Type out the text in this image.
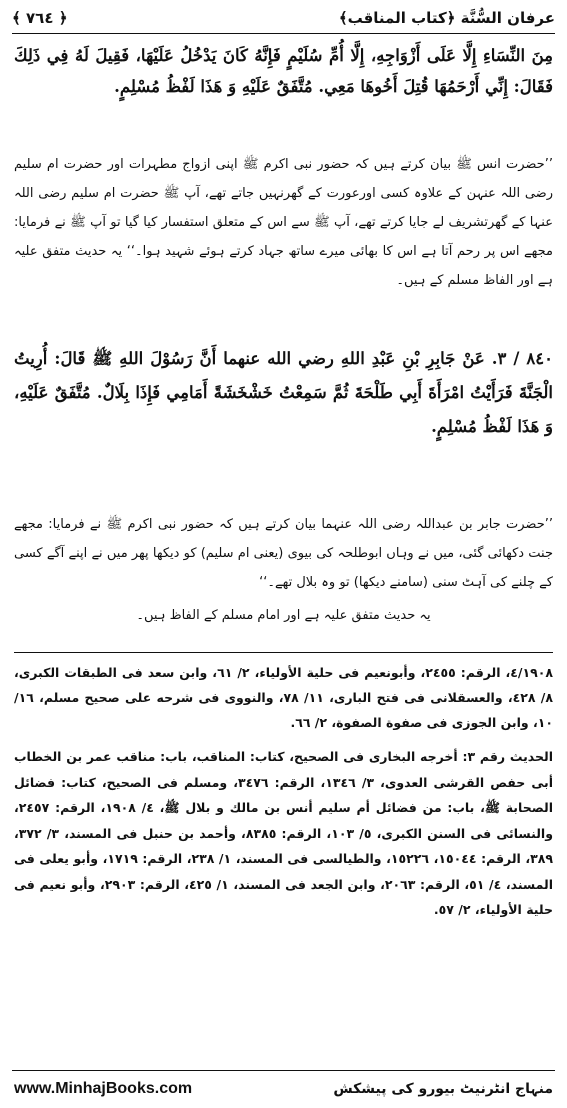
﴿ ۷٦٤ ﴾	عرفان السُّنَّة ﴿کتاب المناقب﴾
مِنَ النِّسَاءِ إِلَّا عَلَى أَزْوَاجِهِ، إِلَّا أُمِّ سُلَيْمٍ فَإِنَّهُ كَانَ يَدْخُلُ عَلَيْهَا، فَقِيلَ لَهُ فِي ذَلِكَ فَقَالَ: إِنِّي أَرْحَمُهَا قُتِلَ أَخُوهَا مَعِي. مُتَّفَقٌ عَلَيْهِ وَ هَذَا لَفْظُ مُسْلِمٍ.
’’حضرت انس ﷺ بیان کرتے ہیں کہ حضور نبی اکرم ﷺ اپنی ازواج مطہرات اور حضرت ام سلیم رضی اللہ عنہن کے علاوہ کسی اورعورت کے گھرنہیں جاتے تھے، آپ ﷺ حضرت ام سلیم رضی اللہ عنہا کے گھرتشریف لے جایا کرتے تھے، آپ ﷺ سے اس کے متعلق استفسار کیا گیا تو آپ ﷺ نے فرمایا: مجھے اس پر رحم آتا ہے اس کا بھائی میرے ساتھ جہاد کرتے ہوئے شہید ہوا۔‘‘ یہ حدیث متفق علیہ ہے اور الفاظ مسلم کے ہیں۔
۸٤۰ / ۳. عَنْ جَابِرِ بْنِ عَبْدِ اللهِ رضي الله عنهما أَنَّ رَسُوْلَ اللهِ ﷺ قَالَ: أُرِيتُ الْجَنَّةَ فَرَأَيْتُ امْرَأَةَ أَبِي طَلْحَةَ ثُمَّ سَمِعْتُ خَشْخَشَةً أَمَامِي فَإِذَا بِلَالٌ. مُتَّفَقٌ عَلَيْهِ، وَ هَذَا لَفْظُ مُسْلِمٍ.
’’حضرت جابر بن عبداللہ رضی اللہ عنہما بیان کرتے ہیں کہ حضور نبی اکرم ﷺ نے فرمایا: مجھے جنت دکھائی گئی، میں نے وہاں ابوطلحہ کی بیوی (یعنی ام سلیم) کو دیکھا پھر میں نے اپنے آگے کسی کے چلنے کی آہٹ سنی (سامنے دیکھا) تو وہ بلال تھے۔‘‘
یہ حدیث متفق علیہ ہے اور امام مسلم کے الفاظ ہیں۔
٤/١٩٠٨، الرقم: ٢٤٥٥، وأبونعيم فى حلية الأولياء، ٢/ ٦١، وابن سعد فى الطبقات الكبرى، ٨/ ٤٢٨، والعسقلانى فى فتح البارى، ١١/ ٧٨، والنووى فى شرحه على صحيح مسلم، ١٦/ ١٠، وابن الجوزى فى صفوة الصفوة، ٢/ ٦٦.
الحديث رقم ٣: أخرجه البخارى فى الصحيح، كتاب: المناقب، باب: مناقب عمر بن الخطاب أبى حفص القرشى العدوى، ٣/ ١٣٤٦، الرقم: ٣٤٧٦، ومسلم فى الصحيح، كتاب: فضائل الصحابة ﷺ، باب: من فضائل أم سليم أنس بن مالك و بلال ﷺ، ٤/ ١٩٠٨، الرقم: ٢٤٥٧، والنسائى فى السنن الكبرى، ٥/ ١٠٣، الرقم: ٨٣٨٥، وأحمد بن حنبل فى المسند، ٣/ ٣٧٢، ٣٨٩، الرقم: ١٥٠٤٤، ١٥٢٢٦، والطيالسى فى المسند، ١/ ٢٣٨، الرقم: ١٧١٩، وأبو يعلى فى المسند، ٤/ ٥١، الرقم: ٢٠٦٣، وابن الجعد فى المسند، ١/ ٤٢٥، الرقم: ٢٩٠٣، وأبو نعيم فى حلية الأولياء، ٢/ ٥٧.
www.MinhajBooks.com	منہاج انٹرنیٹ بیورو کی پیشکش
